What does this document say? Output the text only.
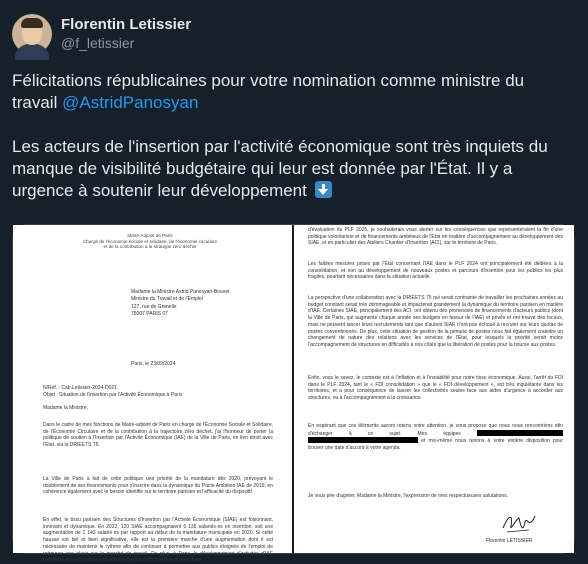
Florentin Letissier
@f_letissier

Félicitations républicaines pour votre nomination comme ministre du travail @AstridPanosyan

Les acteurs de l'insertion par l'activité économique sont très inquiets du manque de visibilité budgétaire qui leur est donnée par l'État. Il y a urgence à soutenir leur développement

Maire-Adjoint de Paris
Chargé de l'économie sociale et solidaire, de l'économie circulaire
et de la contribution à la stratégie zéro déchet
Madame la Ministre Astrid Panosyan-Bouvet
Ministre du Travail et de l'Emploi
127, rue de Grenelle
75007 PARIS 07
Paris, le 23/09/2024
N/Réf. : Cab.Letissier-2024-D021
Objet : Situation de l'insertion par l'Activité Économique à Paris
Madame la Ministre,
Dans le cadre de mes fonctions de Maire-adjoint de Paris en charge de l'Économie Sociale et Solidaire, de l'Économie Circulaire et de la contribution à la trajectoire zéro déchet, j'ai l'honneur de porter la politique de soutien à l'Insertion par l'Activité Économique (IAE) de la Ville de Paris, en lien étroit avec l'État, via la DRIEETS 75.
La Ville de Paris a fait de cette politique une priorité de la mandature dès 2020, prévoyant le doublement de ses financements pour s'inscrire dans la dynamique du Pacte Ambition IAE de 2019, en cohérence également avec le besoin identifié sur le territoire parisien et l'efficacité du dispositif.
En effet, le tissu parisien des Structures d'Insertion par l'Activité Économique (SIAE) est foisonnant, innovant et dynamique. En 2022, 120 SIAE accompagnaient 6 135 salariés·es en insertion, soit une augmentation de 1 143 salarié·es par rapport au début de la mandature municipale en 2020. Si cette hausse est bel et bien significative, elle est la première marche d'une augmentation dont il est nécessaire de maintenir le rythme afin de continuer à permettre aux publics éloignés de l'emploi de retrouver une place sur le marché du travail. De plus, à Paris, le développement d'activités d'IAE contribue à la nécessaire transition écologique du système économique.
d'évaluation du PLF 2025, je souhaiterais vous alerter sur les conséquences que représenteraient la fin d'une politique volontariste et de financements ambitieux de l'État en matière d'accompagnement au développement des SIAE, et en particulier des Ateliers Chantier d'Insertion (ACI), sur le territoire de Paris.
Les faibles mesures prises par l'État concernant l'IAE dans le PLF 2024 ont principalement été dédiées à la consolidation, et non au développement de nouveaux postes et parcours d'insertion pour les publics les plus fragiles, pourtant nécessaires dans la situation actuelle.
La perspective d'une collaboration avec la DRIEETS 75 qui serait contrainte de travailler les prochaines années au budget constant serait très dommageable et impacterait grandement la dynamique du territoire parisien en matière d'IAE. Certaines SIAE, principalement des ACI, ont obtenu des promesses de financements d'acteurs publics (dont la Ville de Paris, qui augmente chaque année ses budgets en faveur de l'IAE) et privés et ont trouvé des locaux, mais ne peuvent lancer leurs recrutements tant que d'autres SIAE n'ont pas échoué à recruter sur leurs quotas de postes conventionnés. De plus, cette situation de gestion de la pénurie de postes nous fait également craindre un changement de nature des relations avec les services de l'État, pour lesquels la priorité serait moins l'accompagnement de structures en difficultés à nos côtés que la libération de postes pour la bourse aux postes.
Enfin, vous le savez, le contexte est à l'inflation et à l'instabilité pour notre tissu économique. Aussi, l'arrêt du FDI dans le PLF 2024, tant le « FDI consolidation » que le « FDI développement », est très inquiétante dans les territoires, et a pour conséquence de laisser les collectivités seules face aux aides d'urgence à accorder aux structures, ou à l'accompagnement à la croissance.
En espérant que ces éléments auront retenu votre attention, je vous propose que nous nous rencontrions afin d'échanger à ce sujet. Mes équipes   et moi-même nous tenons à votre entière disposition pour trouver une date d'accord à votre agenda.
Je vous prie d'agréer, Madame la Ministre, l'expression de mes respectueuses salutations.
Florentin LETISSIER
